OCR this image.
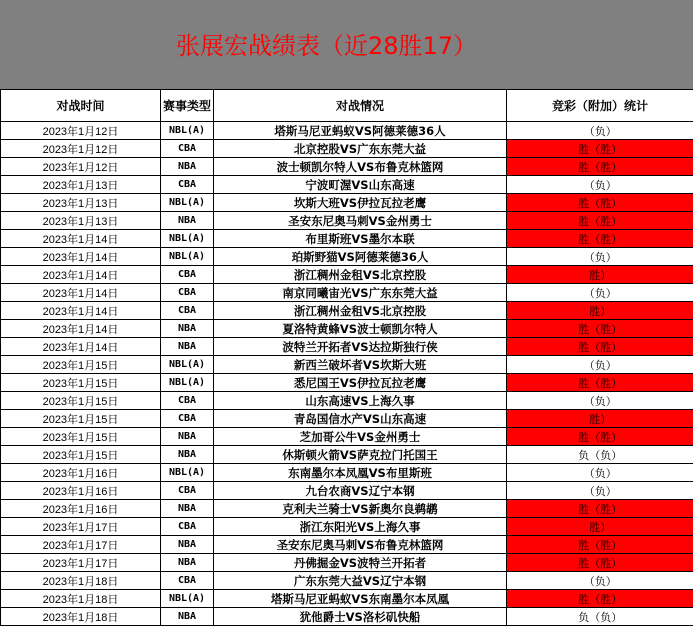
张展宏战绩表（近28胜17）
对战时间	赛事类型	对战情况	竞彩（附加）统计
2023年1月12日	NBL(A)	塔斯马尼亚蚂蚁VS阿德莱德36人	（负）
2023年1月12日	CBA	北京控股VS广东东莞大益	胜（胜）
2023年1月12日	NBA	波士顿凯尔特人VS布鲁克林篮网	胜（胜）
2023年1月13日	CBA	宁波町渥VS山东高速	（负）
2023年1月13日	NBL(A)	坎斯大班VS伊拉瓦拉老鹰	胜（胜）
2023年1月13日	NBA	圣安东尼奥马刺VS金州勇士	胜（胜）
2023年1月14日	NBL(A)	布里斯班VS墨尔本联	胜（胜）
2023年1月14日	NBL(A)	珀斯野猫VS阿德莱德36人	（负）
2023年1月14日	CBA	浙江稠州金租VS北京控股	胜）
2023年1月14日	CBA	南京同曦宙光VS广东东莞大益	（负）
2023年1月14日	CBA	浙江稠州金租VS北京控股	胜）
2023年1月14日	NBA	夏洛特黄蜂VS波士顿凯尔特人	胜（胜）
2023年1月14日	NBA	波特兰开拓者VS达拉斯独行侠	胜（胜）
2023年1月15日	NBL(A)	新西兰破坏者VS坎斯大班	（负）
2023年1月15日	NBL(A)	悉尼国王VS伊拉瓦拉老鹰	胜（胜）
2023年1月15日	CBA	山东高速VS上海久事	（负）
2023年1月15日	CBA	青岛国信水产VS山东高速	胜）
2023年1月15日	NBA	芝加哥公牛VS金州勇士	胜（胜）
2023年1月15日	NBA	休斯顿火箭VS萨克拉门托国王	负（负）
2023年1月16日	NBL(A)	东南墨尔本凤凰VS布里斯班	（负）
2023年1月16日	CBA	九台农商VS辽宁本钢	（负）
2023年1月16日	NBA	克利夫兰骑士VS新奥尔良鹈鹕	胜（胜）
2023年1月17日	CBA	浙江东阳光VS上海久事	胜）
2023年1月17日	NBA	圣安东尼奥马刺VS布鲁克林篮网	胜（胜）
2023年1月17日	NBA	丹佛掘金VS波特兰开拓者	胜（胜）
2023年1月18日	CBA	广东东莞大益VS辽宁本钢	（负）
2023年1月18日	NBL(A)	塔斯马尼亚蚂蚁VS东南墨尔本凤凰	胜（胜）
2023年1月18日	NBA	犹他爵士VS洛杉矶快船	负（负）
